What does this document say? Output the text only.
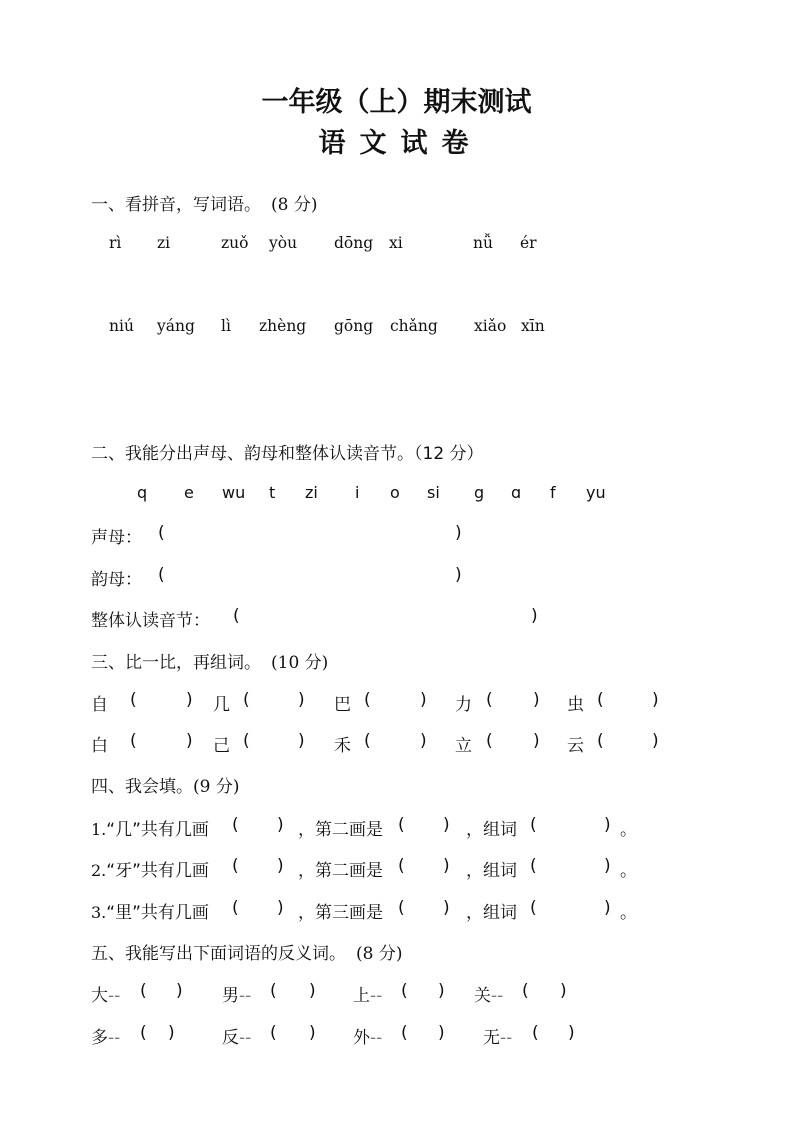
一年级（上）期末测试
语文试卷
一、看拼音，写词语。 (8 分)
rì zi	zuǒ yòu dōng xi	nǚ ér
niú yáng lì zhèng gōng chǎng xiǎo xīn
二、我能分出声母、韵母和整体认读音节。（12 分）
q e wu t zi i o si g ɑ f yu
声母： (	)
韵母： (	)
整体认读音节： (	)
三、比一比，再组词。 (10 分)
自 (	) 几 (	) 巴 (	) 力 ( ) 虫 (	)
白 (	) 己 (	) 禾 (	) 立 ( ) 云 (	)
四、我会填。(9 分)
1.“几”共有几画 ( ) ，第二画是 ( ) ，组词 (	) 。
2.“牙”共有几画 ( ) ，第二画是 ( ) ，组词 (	) 。
3.“里”共有几画 ( ) ，第三画是 ( ) ，组词 (	) 。
五、我能写出下面词语的反义词。 (8 分)
大-- ( ) 男-- ( ) 上-- ( ) 关-- ( )
多-- ( )	反-- ( ) 外-- ( ) 无-- ( )
